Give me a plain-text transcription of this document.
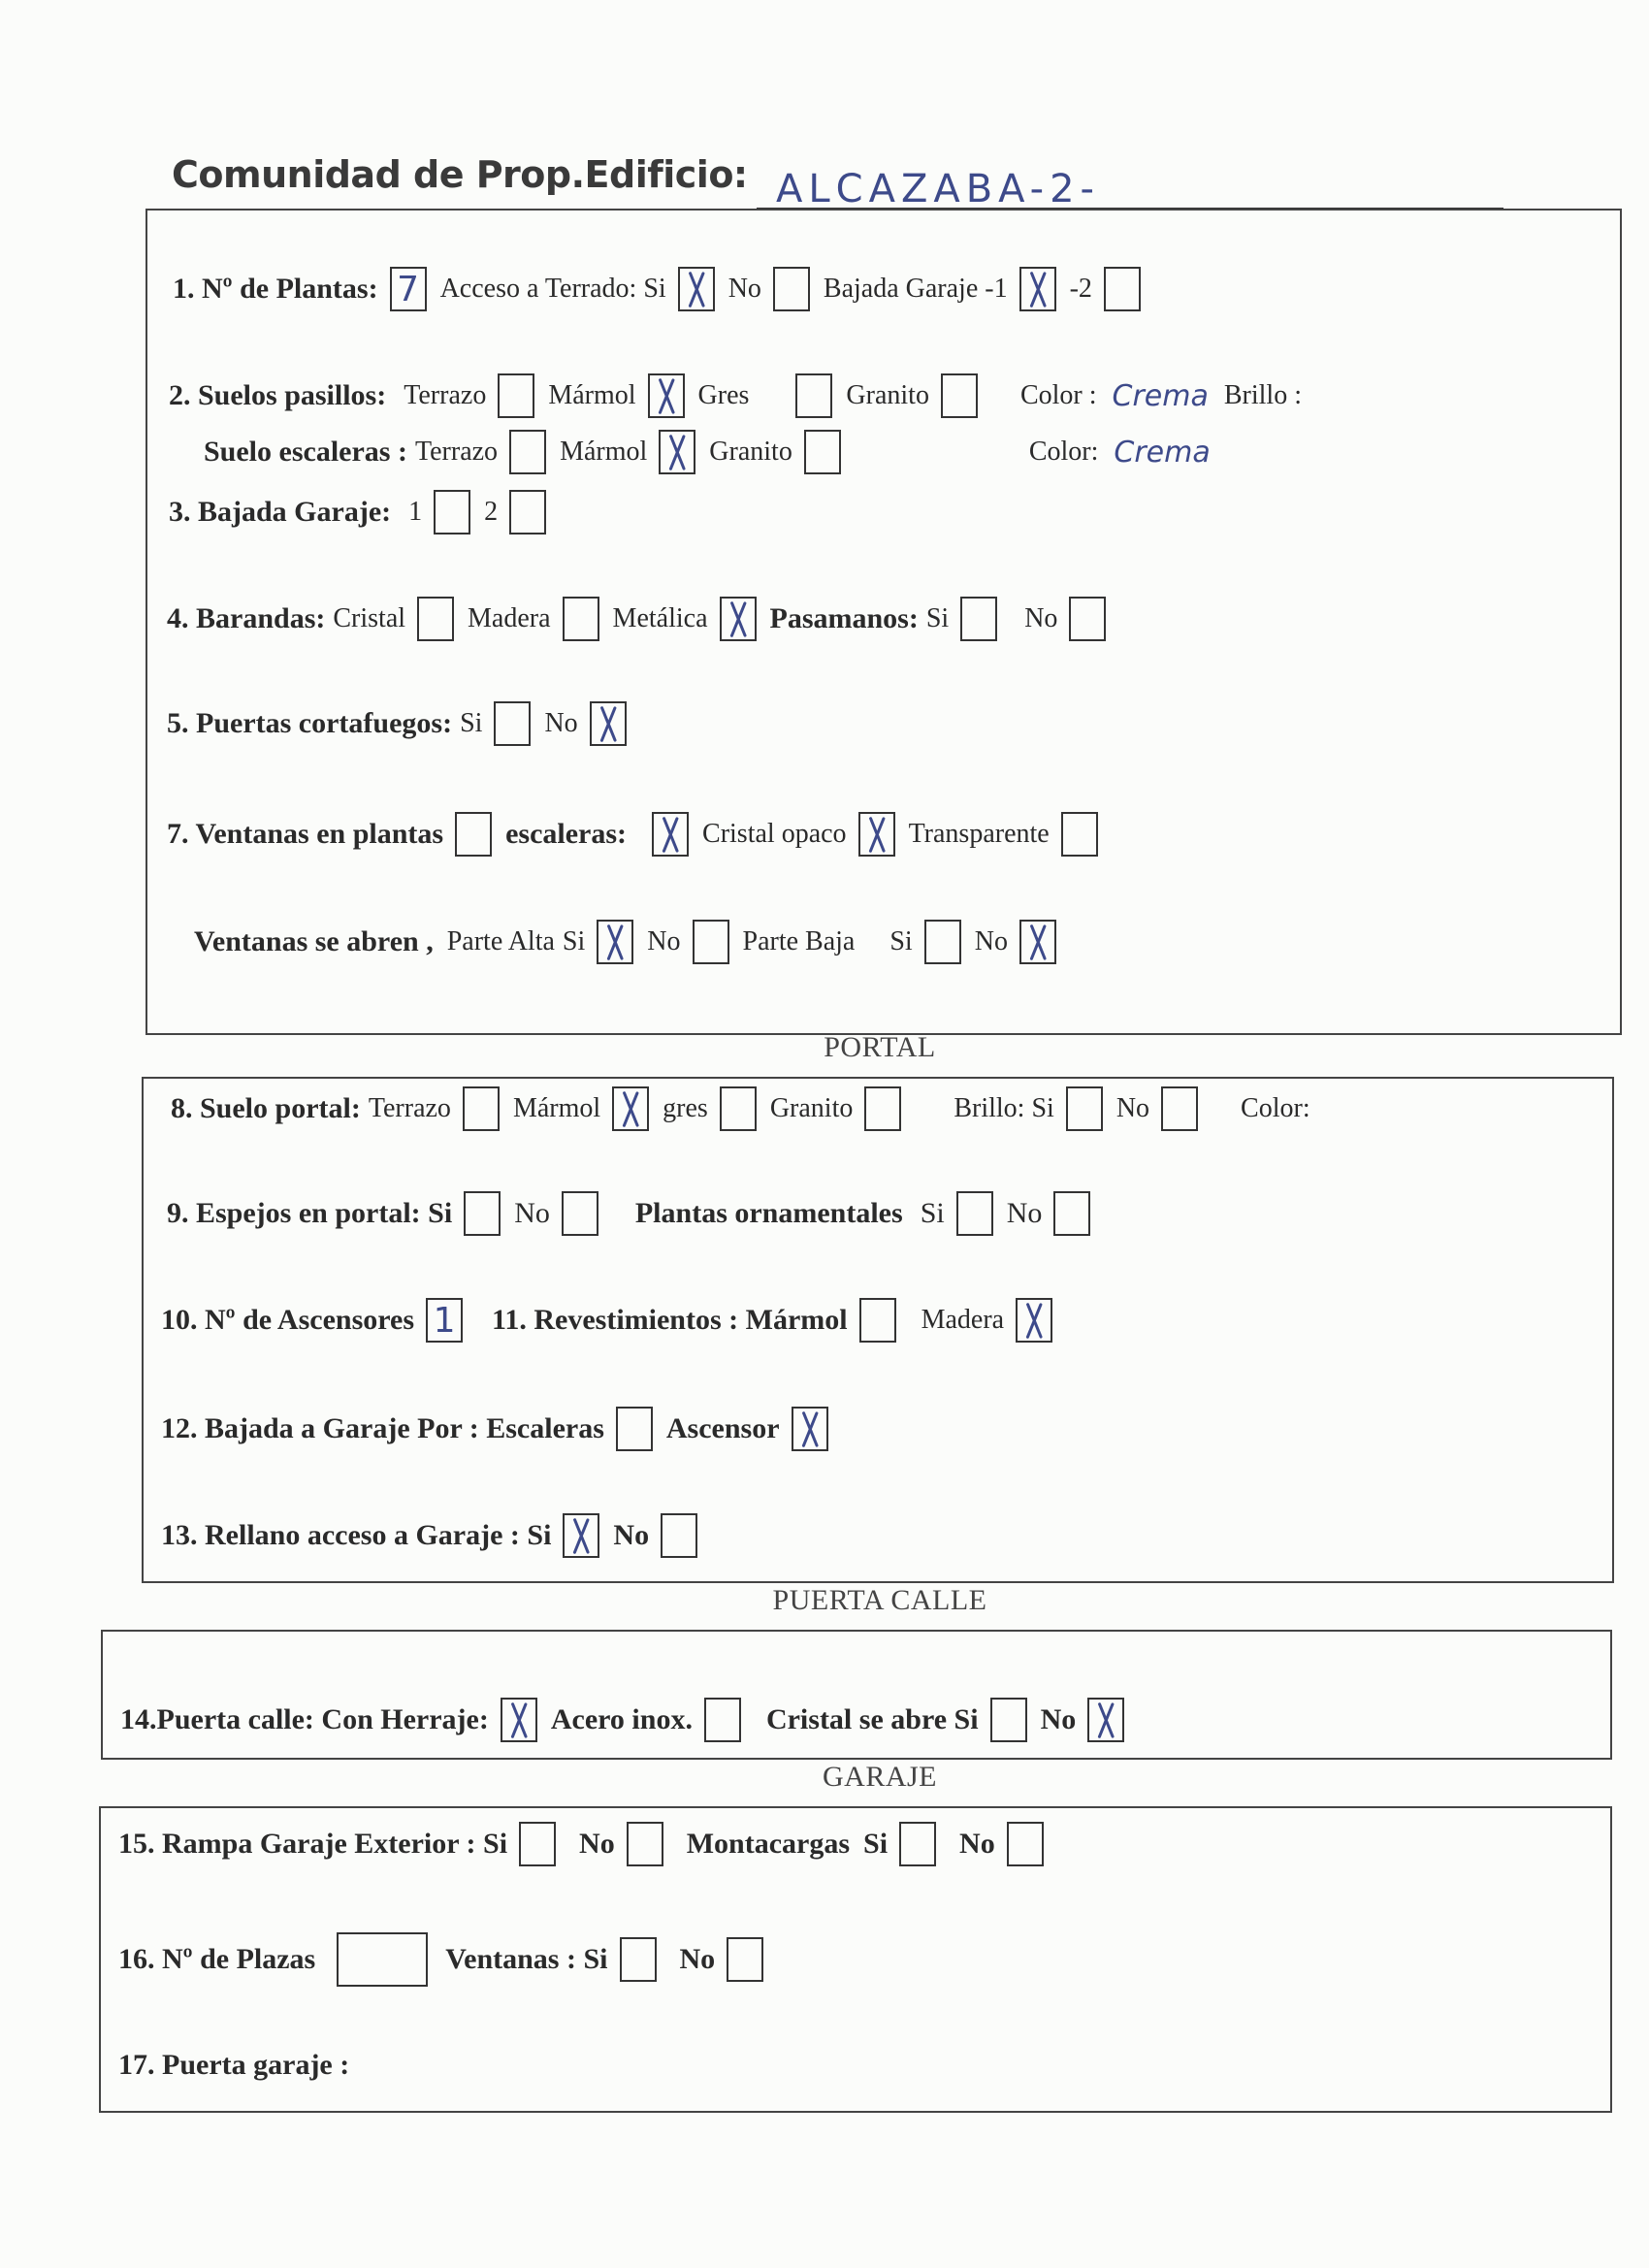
Comunidad de Prop.Edificio: ALCAZABA-2-
1. Nº de Plantas: 7 Acceso a Terrado: Si No Bajada Garaje -1 -2
2. Suelos pasillos: Terrazo Mármol Gres	Granito	Color : Crema Brillo :
Suelo escaleras : Terrazo Mármol Granito	Color: Crema
3. Bajada Garaje: 1 2
4. Barandas: Cristal Madera Metálica Pasamanos: Si	No
5. Puertas cortafuegos: Si No
7. Ventanas en plantas escaleras:	Cristal opaco Transparente
Ventanas se abren , Parte Alta Si No Parte Baja Si No
PORTAL
8. Suelo portal: Terrazo Mármol gres Granito	Brillo: Si No	Color:
9. Espejos en portal: Si No	Plantas ornamentales Si No
10. Nº de Ascensores 1 11. Revestimientos : Mármol	Madera
12. Bajada a Garaje Por : Escaleras Ascensor
13. Rellano acceso a Garaje : Si No
PUERTA CALLE
14.Puerta calle: Con Herraje: Acero inox.	Cristal se abre Si No
GARAJE
15. Rampa Garaje Exterior : Si No Montacargas Si No
16. Nº de Plazas	Ventanas : Si No
17. Puerta garaje :
